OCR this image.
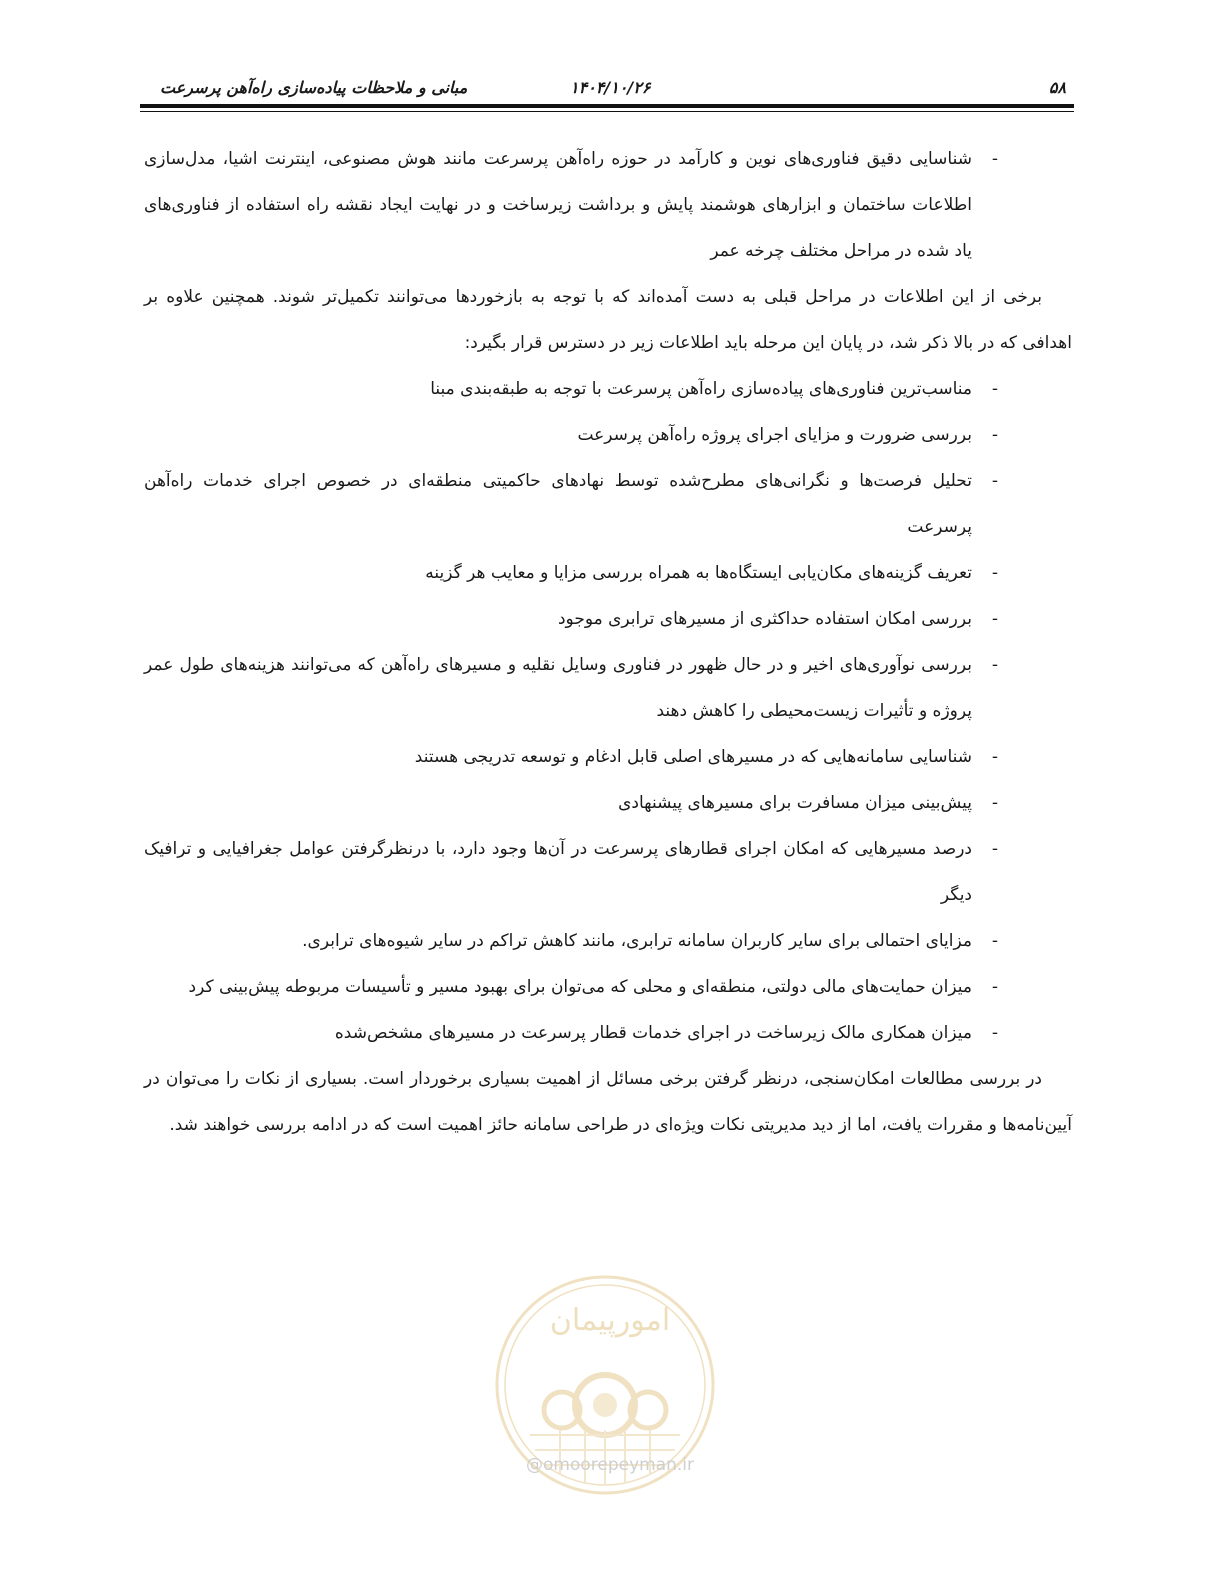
۵۸
۱۴۰۴/۱۰/۲۶
مبانی و ملاحظات پیاده‌سازی راه‌آهن پرسرعت
-
شناسایی دقیق فناوری‌های نوین و کارآمد در حوزه راه‌آهن پرسرعت مانند هوش مصنوعی، اینترنت اشیا، مدل‌سازی اطلاعات ساختمان و ابزارهای هوشمند پایش و برداشت زیرساخت و در نهایت ایجاد نقشه راه استفاده از فناوری‌های یاد شده در مراحل مختلف چرخه عمر
برخی از این اطلاعات در مراحل قبلی به دست آمده‌اند که با توجه به بازخوردها می‌توانند تکمیل‌تر شوند. همچنین علاوه بر اهدافی که در بالا ذکر شد، در پایان این مرحله باید اطلاعات زیر در دسترس قرار بگیرد:
-
مناسب‌ترین فناوری‌های پیاده‌سازی راه‌آهن پرسرعت با توجه به طبقه‌بندی مبنا
-
بررسی ضرورت و مزایای اجرای پروژه راه‌آهن پرسرعت
-
تحلیل فرصت‌ها و نگرانی‌های مطرح‌شده توسط نهادهای حاکمیتی منطقه‌ای در خصوص اجرای خدمات راه‌آهن پرسرعت
-
تعریف گزینه‌های مکان‌یابی ایستگاه‌ها به همراه بررسی مزایا و معایب هر گزینه
-
بررسی امکان استفاده حداکثری از مسیرهای ترابری موجود
-
بررسی نوآوری‌های اخیر و در حال ظهور در فناوری وسایل نقلیه و مسیرهای راه‌آهن که می‌توانند هزینه‌های طول عمر پروژه و تأثیرات زیست‌محیطی را کاهش دهند
-
شناسایی سامانه‌هایی که در مسیرهای اصلی قابل ادغام و توسعه تدریجی هستند
-
پیش‌بینی میزان مسافرت برای مسیرهای پیشنهادی
-
درصد مسیرهایی که امکان اجرای قطارهای پرسرعت در آن‌ها وجود دارد، با درنظرگرفتن عوامل جغرافیایی و ترافیک دیگر
-
مزایای احتمالی برای سایر کاربران سامانه ترابری، مانند کاهش تراکم در سایر شیوه‌های ترابری.
-
میزان حمایت‌های مالی دولتی، منطقه‌ای و محلی که می‌توان برای بهبود مسیر و تأسیسات مربوطه پیش‌بینی کرد
-
میزان همکاری مالک زیرساخت در اجرای خدمات قطار پرسرعت در مسیرهای مشخص‌شده
در بررسی مطالعات امکان‌سنجی، درنظر گرفتن برخی مسائل از اهمیت بسیاری برخوردار است. بسیاری از نکات را می‌توان در آیین‌نامه‌ها و مقررات یافت، اما از دید مدیریتی نکات ویژه‌ای در طراحی سامانه حائز اهمیت است که در ادامه بررسی خواهند شد.
امورپیمان
@omoorepeyman.ir
